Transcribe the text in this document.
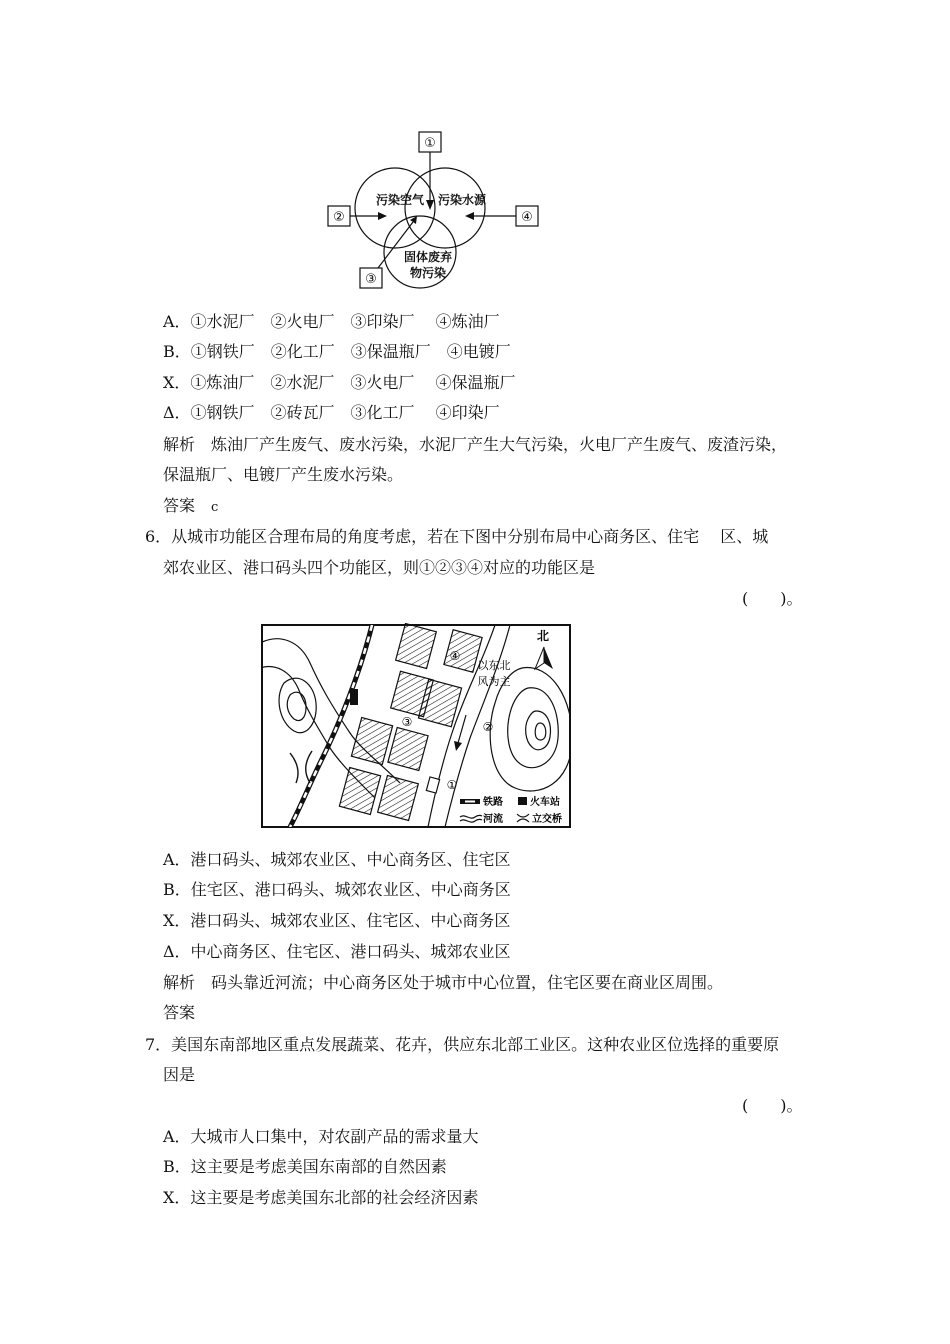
①
②	④
③
污染空气 污染水源
固体废弃
物污染
A．①水泥厂　②火电厂　③印染厂　 ④炼油厂
B．①钢铁厂　②化工厂　③保温瓶厂　④电镀厂
Χ．①炼油厂　②水泥厂　③火电厂　 ④保温瓶厂
Δ．①钢铁厂　②砖瓦厂　③化工厂　 ④印染厂
解析　炼油厂产生废气、废水污染，水泥厂产生大气污染，火电厂产生废气、废渣污染，
保温瓶厂、电镀厂产生废水污染。
答案　ⅽ
6．从城市功能区合理布局的角度考虑，若在下图中分别布局中心商务区、住宅　 区、城
郊农业区、港口码头四个功能区，则①②③④对应的功能区是
(　　)。
北
以东北
风为主
④
③	②
①
铁路	火车站
河流	立交桥
A．港口码头、城郊农业区、中心商务区、住宅区
B．住宅区、港口码头、城郊农业区、中心商务区
Χ．港口码头、城郊农业区、住宅区、中心商务区
Δ．中心商务区、住宅区、港口码头、城郊农业区
解析　码头靠近河流；中心商务区处于城市中心位置，住宅区要在商业区周围。
答案
7．美国东南部地区重点发展蔬菜、花卉，供应东北部工业区。这种农业区位选择的重要原
因是
(　　)。
A．大城市人口集中，对农副产品的需求量大
B．这主要是考虑美国东南部的自然因素
Χ．这主要是考虑美国东北部的社会经济因素
